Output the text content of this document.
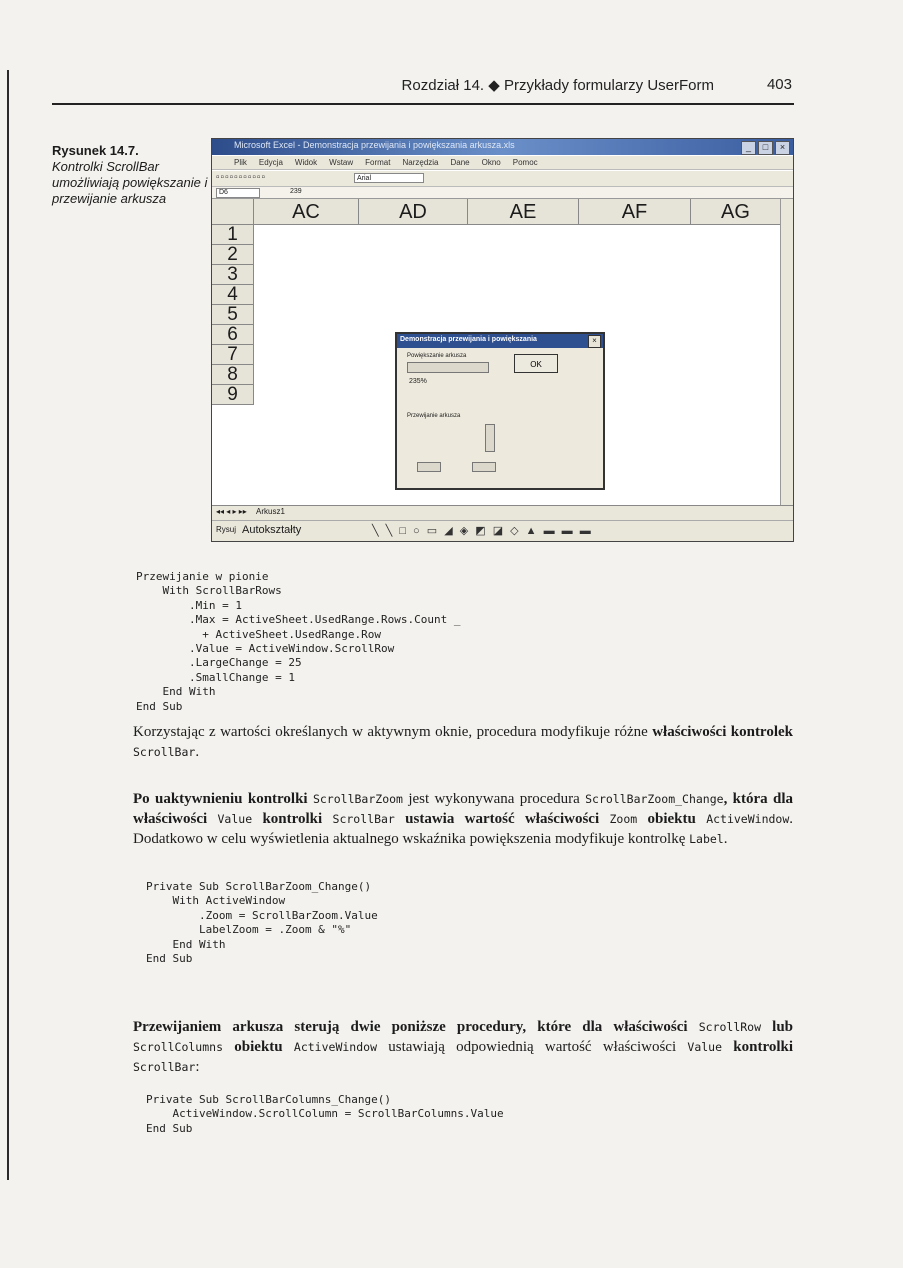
Rozdział 14. ◆ Przykłady formularzy UserForm	403
Rysunek 14.7.
Kontrolki ScrollBar umożliwiają powiększanie i przewijanie arkusza
Microsoft Excel - Demonstracja przewijania i powiększania arkusza.xls	_	□	×
Plik Edycja Widok Wstaw Format Narzędzia Dane Okno Pomoc
▫▫▫▫▫▫▫▫▫▫▫	Arial
D6	239
AC	AD	AE	AF	AG
1
2
3
4
5
6
7
8
9
Demonstracja przewijania i powiększania	×
Powiększanie arkusza
235%
OK
Przewijanie arkusza
◂◂ ◂ ▸ ▸▸ Arkusz1
Rysuj Autokształty	╲ ╲ □ ○ ▭ ◢ ◈ ◩ ◪ ◇ ▲ ▬ ▬ ▬
Przewijanie w pionie
With ScrollBarRows
.Min = 1
.Max = ActiveSheet.UsedRange.Rows.Count _
+ ActiveSheet.UsedRange.Row
.Value = ActiveWindow.ScrollRow
.LargeChange = 25
.SmallChange = 1
End With
End Sub

Korzystając z wartości określanych w aktywnym oknie, procedura modyfikuje różne właściwości kontrolek ScrollBar.

Po uaktywnieniu kontrolki ScrollBarZoom jest wykonywana procedura ScrollBarZoom_Change, która dla właściwości Value kontrolki ScrollBar ustawia wartość właściwości Zoom obiektu ActiveWindow. Dodatkowo w celu wyświetlenia aktualnego wskaźnika powiększenia modyfikuje kontrolkę Label.

Private Sub ScrollBarZoom_Change()
With ActiveWindow
.Zoom = ScrollBarZoom.Value
LabelZoom = .Zoom & "%"
End With
End Sub

Przewijaniem arkusza sterują dwie poniższe procedury, które dla właściwości ScrollRow lub ScrollColumns obiektu ActiveWindow ustawiają odpowiednią wartość właściwości Value kontrolki ScrollBar:

Private Sub ScrollBarColumns_Change()
ActiveWindow.ScrollColumn = ScrollBarColumns.Value
End Sub
